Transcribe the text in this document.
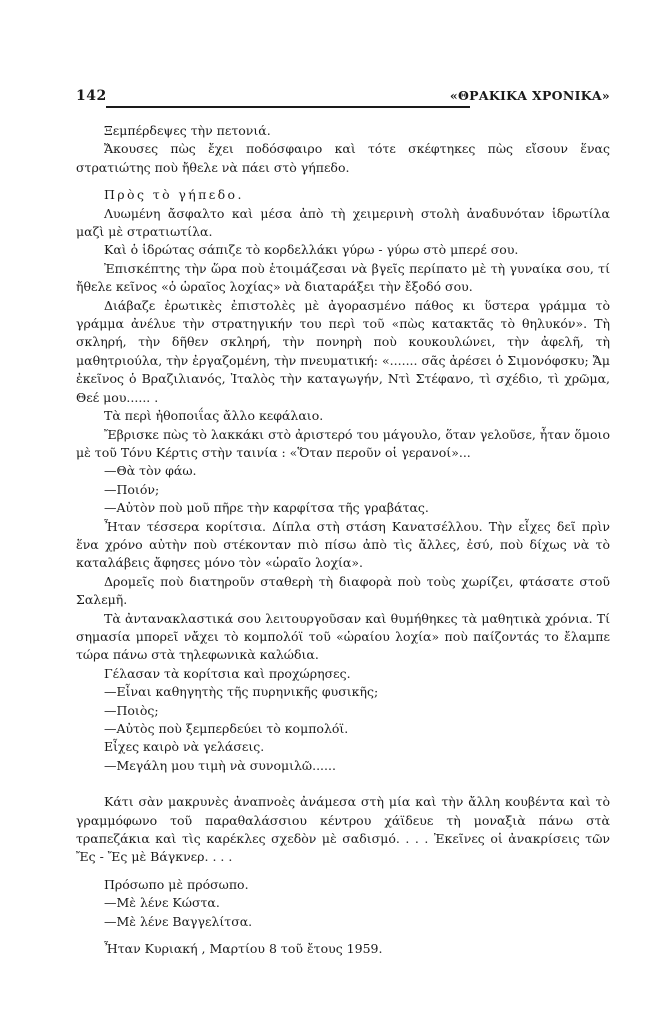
142	«ΘΡΑΚΙΚΑ ΧΡΟΝΙΚΑ»

Ξεμπέρδεψες τὴν πετονιά.

Ἄκουσες πὼς ἔχει ποδόσφαιρο καὶ τότε σκέφτηκες πὼς εἴσουν ἕνας στρατιώτης ποὺ ἤθελε νὰ πάει στὸ γήπεδο.

Πρὸς τὸ γήπεδο.

Λυωμένη ἄσφαλτο καὶ μέσα ἀπὸ τὴ χειμερινὴ στολὴ ἀναδυνόταν ἱδρωτίλα μαζὶ μὲ στρατιωτίλα.

Καὶ ὁ ἱδρώτας σάπιζε τὸ κορδελλάκι γύρω - γύρω στὸ μπερέ σου.

Ἐπισκέπτης τὴν ὥρα ποὺ ἑτοιμάζεσαι νὰ βγεῖς περίπατο μὲ τὴ γυναίκα σου, τί ἤθελε κεῖνος «ὁ ὡραῖος λοχίας» νὰ διαταράξει τὴν ἔξοδό σου.

Διάβαζε ἐρωτικὲς ἐπιστολὲς μὲ ἀγορασμένο πάθος κι ὕστερα γράμμα τὸ γράμμα ἀνέλυε τὴν στρατηγικήν του περὶ τοῦ «πὼς κατακτᾶς τὸ θηλυκόν». Τὴ σκληρή, τὴν δῆθεν σκληρή, τὴν πονηρὴ ποὺ κουκουλώνει, τὴν ἀφελῆ, τὴ μαθητριούλα, τὴν ἐργαζομένη, τὴν πνευματική: «....... σᾶς ἀρέσει ὁ Σιμονόφσκυ; Ἄμ ἐκεῖνος ὁ Βραζιλιανός, Ἰταλὸς τὴν καταγωγήν, Ντὶ Στέφανο, τὶ σχέδιο, τὶ χρῶμα, Θεέ μου...... .

Τὰ περὶ ἠθοποιΐας ἄλλο κεφάλαιο.

Ἔβρισκε πὼς τὸ λακκάκι στὸ ἀριστερό του μάγουλο, ὅταν γελοῦσε, ἦταν ὅμοιο μὲ τοῦ Τόνυ Κέρτις στὴν ταινία : «Ὅταν περοῦν οἱ γερανοί»...

—Θὰ τὸν φάω.

—Ποιόν;

—Αὐτὸν ποὺ μοῦ πῆρε τὴν καρφίτσα τῆς γραβάτας.

Ἦταν τέσσερα κορίτσια. Δίπλα στὴ στάση Κανατσέλλου. Τὴν εἶχες δεῖ πρὶν ἕνα χρόνο αὐτὴν ποὺ στέκονταν πιὸ πίσω ἀπὸ τὶς ἄλλες, ἐσύ, ποὺ δίχως νὰ τὸ καταλάβεις ἄφησες μόνο τὸν «ὡραῖο λοχία».

Δρομεῖς ποὺ διατηροῦν σταθερὴ τὴ διαφορὰ ποὺ τοὺς χωρίζει, φτάσατε στοῦ Σαλεμῆ.

Τὰ ἀντανακλαστικά σου λειτουργοῦσαν καὶ θυμήθηκες τὰ μαθητικὰ χρόνια. Τί σημασία μπορεῖ νἄχει τὸ κομπολόϊ τοῦ «ὡραίου λοχία» ποὺ παίζοντάς το ἔλαμπε τώρα πάνω στὰ τηλεφωνικὰ καλώδια.

Γέλασαν τὰ κορίτσια καὶ προχώρησες.

—Εἶναι καθηγητὴς τῆς πυρηνικῆς φυσικῆς;

—Ποιὸς;

—Αὐτὸς ποὺ ξεμπερδεύει τὸ κομπολόϊ.

Εἶχες καιρὸ νὰ γελάσεις.

—Μεγάλη μου τιμὴ νὰ συνομιλῶ......

Κάτι σὰν μακρυνὲς ἀναπνοὲς ἀνάμεσα στὴ μία καὶ τὴν ἄλλη κουβέντα καὶ τὸ γραμμόφωνο τοῦ παραθαλάσσιου κέντρου χάϊδευε τὴ μοναξιὰ πάνω στὰ τραπεζάκια καὶ τὶς καρέκλες σχεδὸν μὲ σαδισμό. . . . Ἐκεῖνες οἱ ἀνακρίσεις τῶν Ἔς - Ἔς μὲ Βάγκνερ. . . .

Πρόσωπο μὲ πρόσωπο.

—Μὲ λένε Κώστα.

—Μὲ λένε Βαγγελίτσα.

Ἦταν Κυριακή , Μαρτίου 8 τοῦ ἔτους 1959.
